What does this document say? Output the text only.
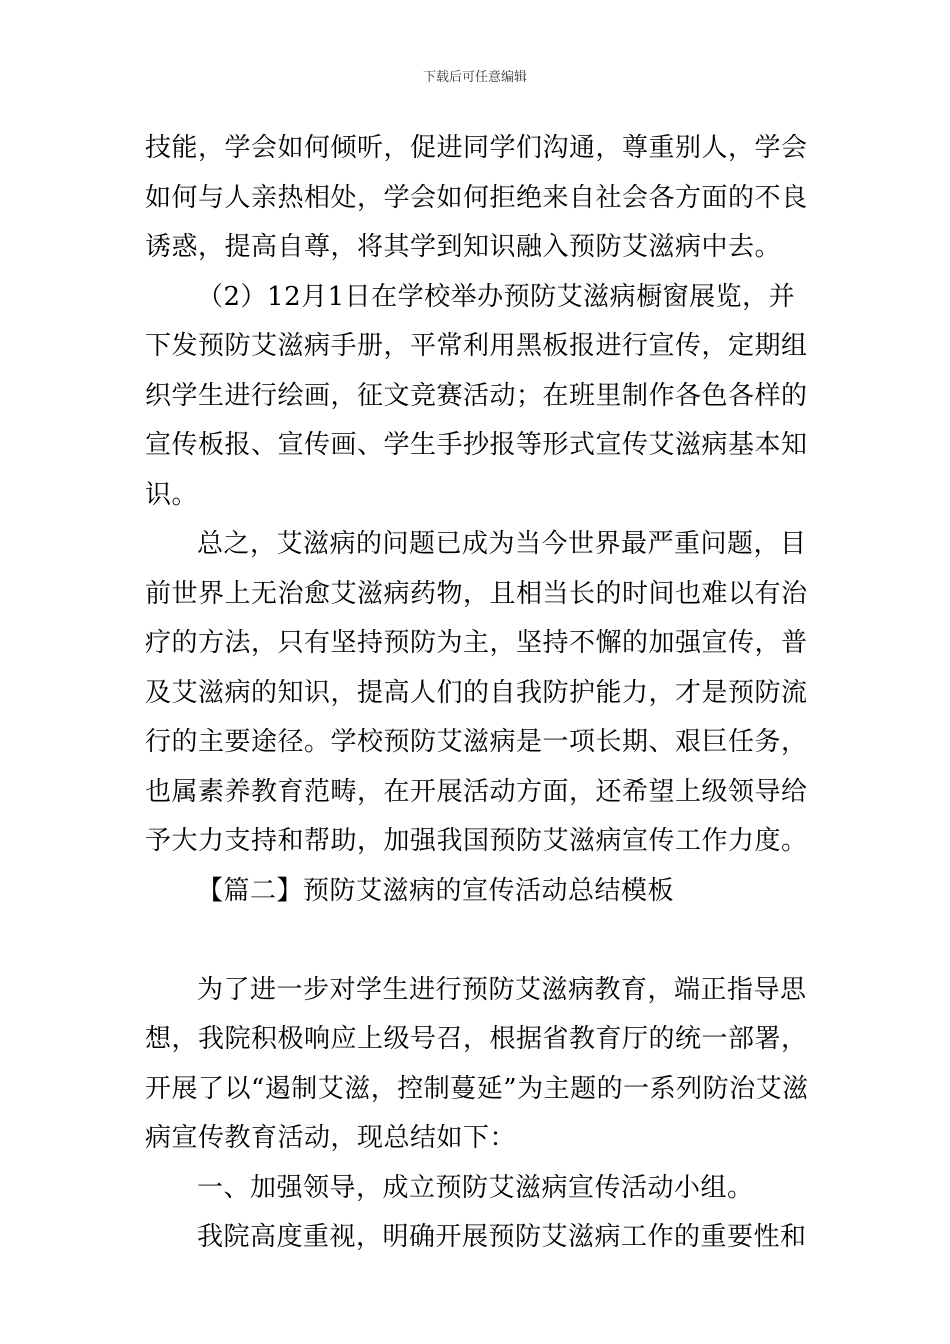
下载后可任意编辑

技能，学会如何倾听，促进同学们沟通，尊重别人，学会如何与人亲热相处，学会如何拒绝来自社会各方面的不良诱惑，提高自尊，将其学到知识融入预防艾滋病中去。

（2）12月1日在学校举办预防艾滋病橱窗展览，并下发预防艾滋病手册，平常利用黑板报进行宣传，定期组织学生进行绘画，征文竞赛活动；在班里制作各色各样的宣传板报、宣传画、学生手抄报等形式宣传艾滋病基本知识。

总之，艾滋病的问题已成为当今世界最严重问题，目前世界上无治愈艾滋病药物，且相当长的时间也难以有治疗的方法，只有坚持预防为主，坚持不懈的加强宣传，普及艾滋病的知识，提高人们的自我防护能力，才是预防流行的主要途径。学校预防艾滋病是一项长期、艰巨任务，也属素养教育范畴，在开展活动方面，还希望上级领导给予大力支持和帮助，加强我国预防艾滋病宣传工作力度。

【篇二】预防艾滋病的宣传活动总结模板

为了进一步对学生进行预防艾滋病教育，端正指导思想，我院积极响应上级号召，根据省教育厅的统一部署，开展了以“遏制艾滋，控制蔓延”为主题的一系列防治艾滋病宣传教育活动，现总结如下：

一、加强领导，成立预防艾滋病宣传活动小组。

我院高度重视，明确开展预防艾滋病工作的重要性和
